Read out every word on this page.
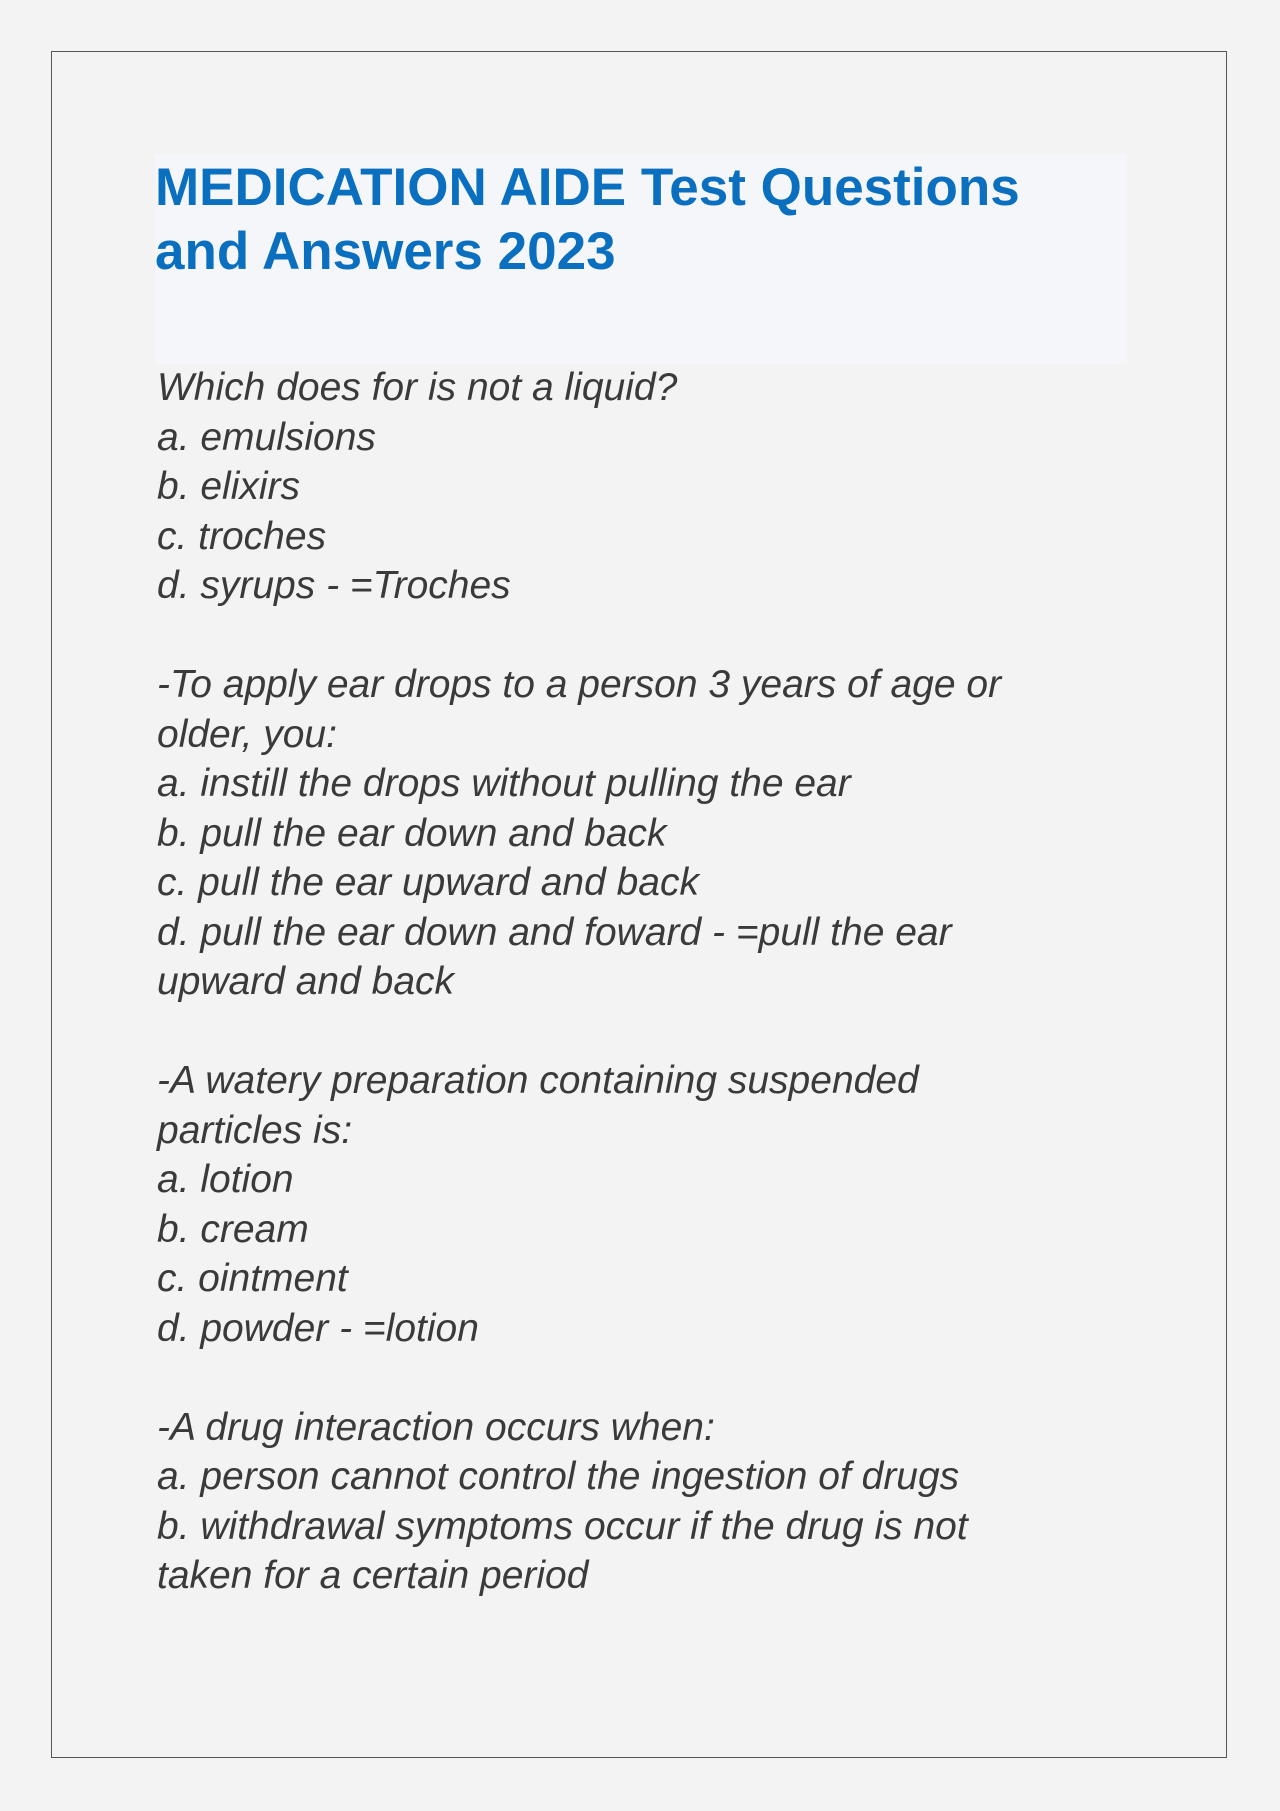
MEDICATION AIDE Test Questions
and Answers 2023
Which does for is not a liquid?
a. emulsions
b. elixirs
c. troches
d. syrups - =Troches
-To apply ear drops to a person 3 years of age or
older, you:
a. instill the drops without pulling the ear
b. pull the ear down and back
c. pull the ear upward and back
d. pull the ear down and foward - =pull the ear
upward and back
-A watery preparation containing suspended
particles is:
a. lotion
b. cream
c. ointment
d. powder - =lotion
-A drug interaction occurs when:
a. person cannot control the ingestion of drugs
b. withdrawal symptoms occur if the drug is not
taken for a certain period
